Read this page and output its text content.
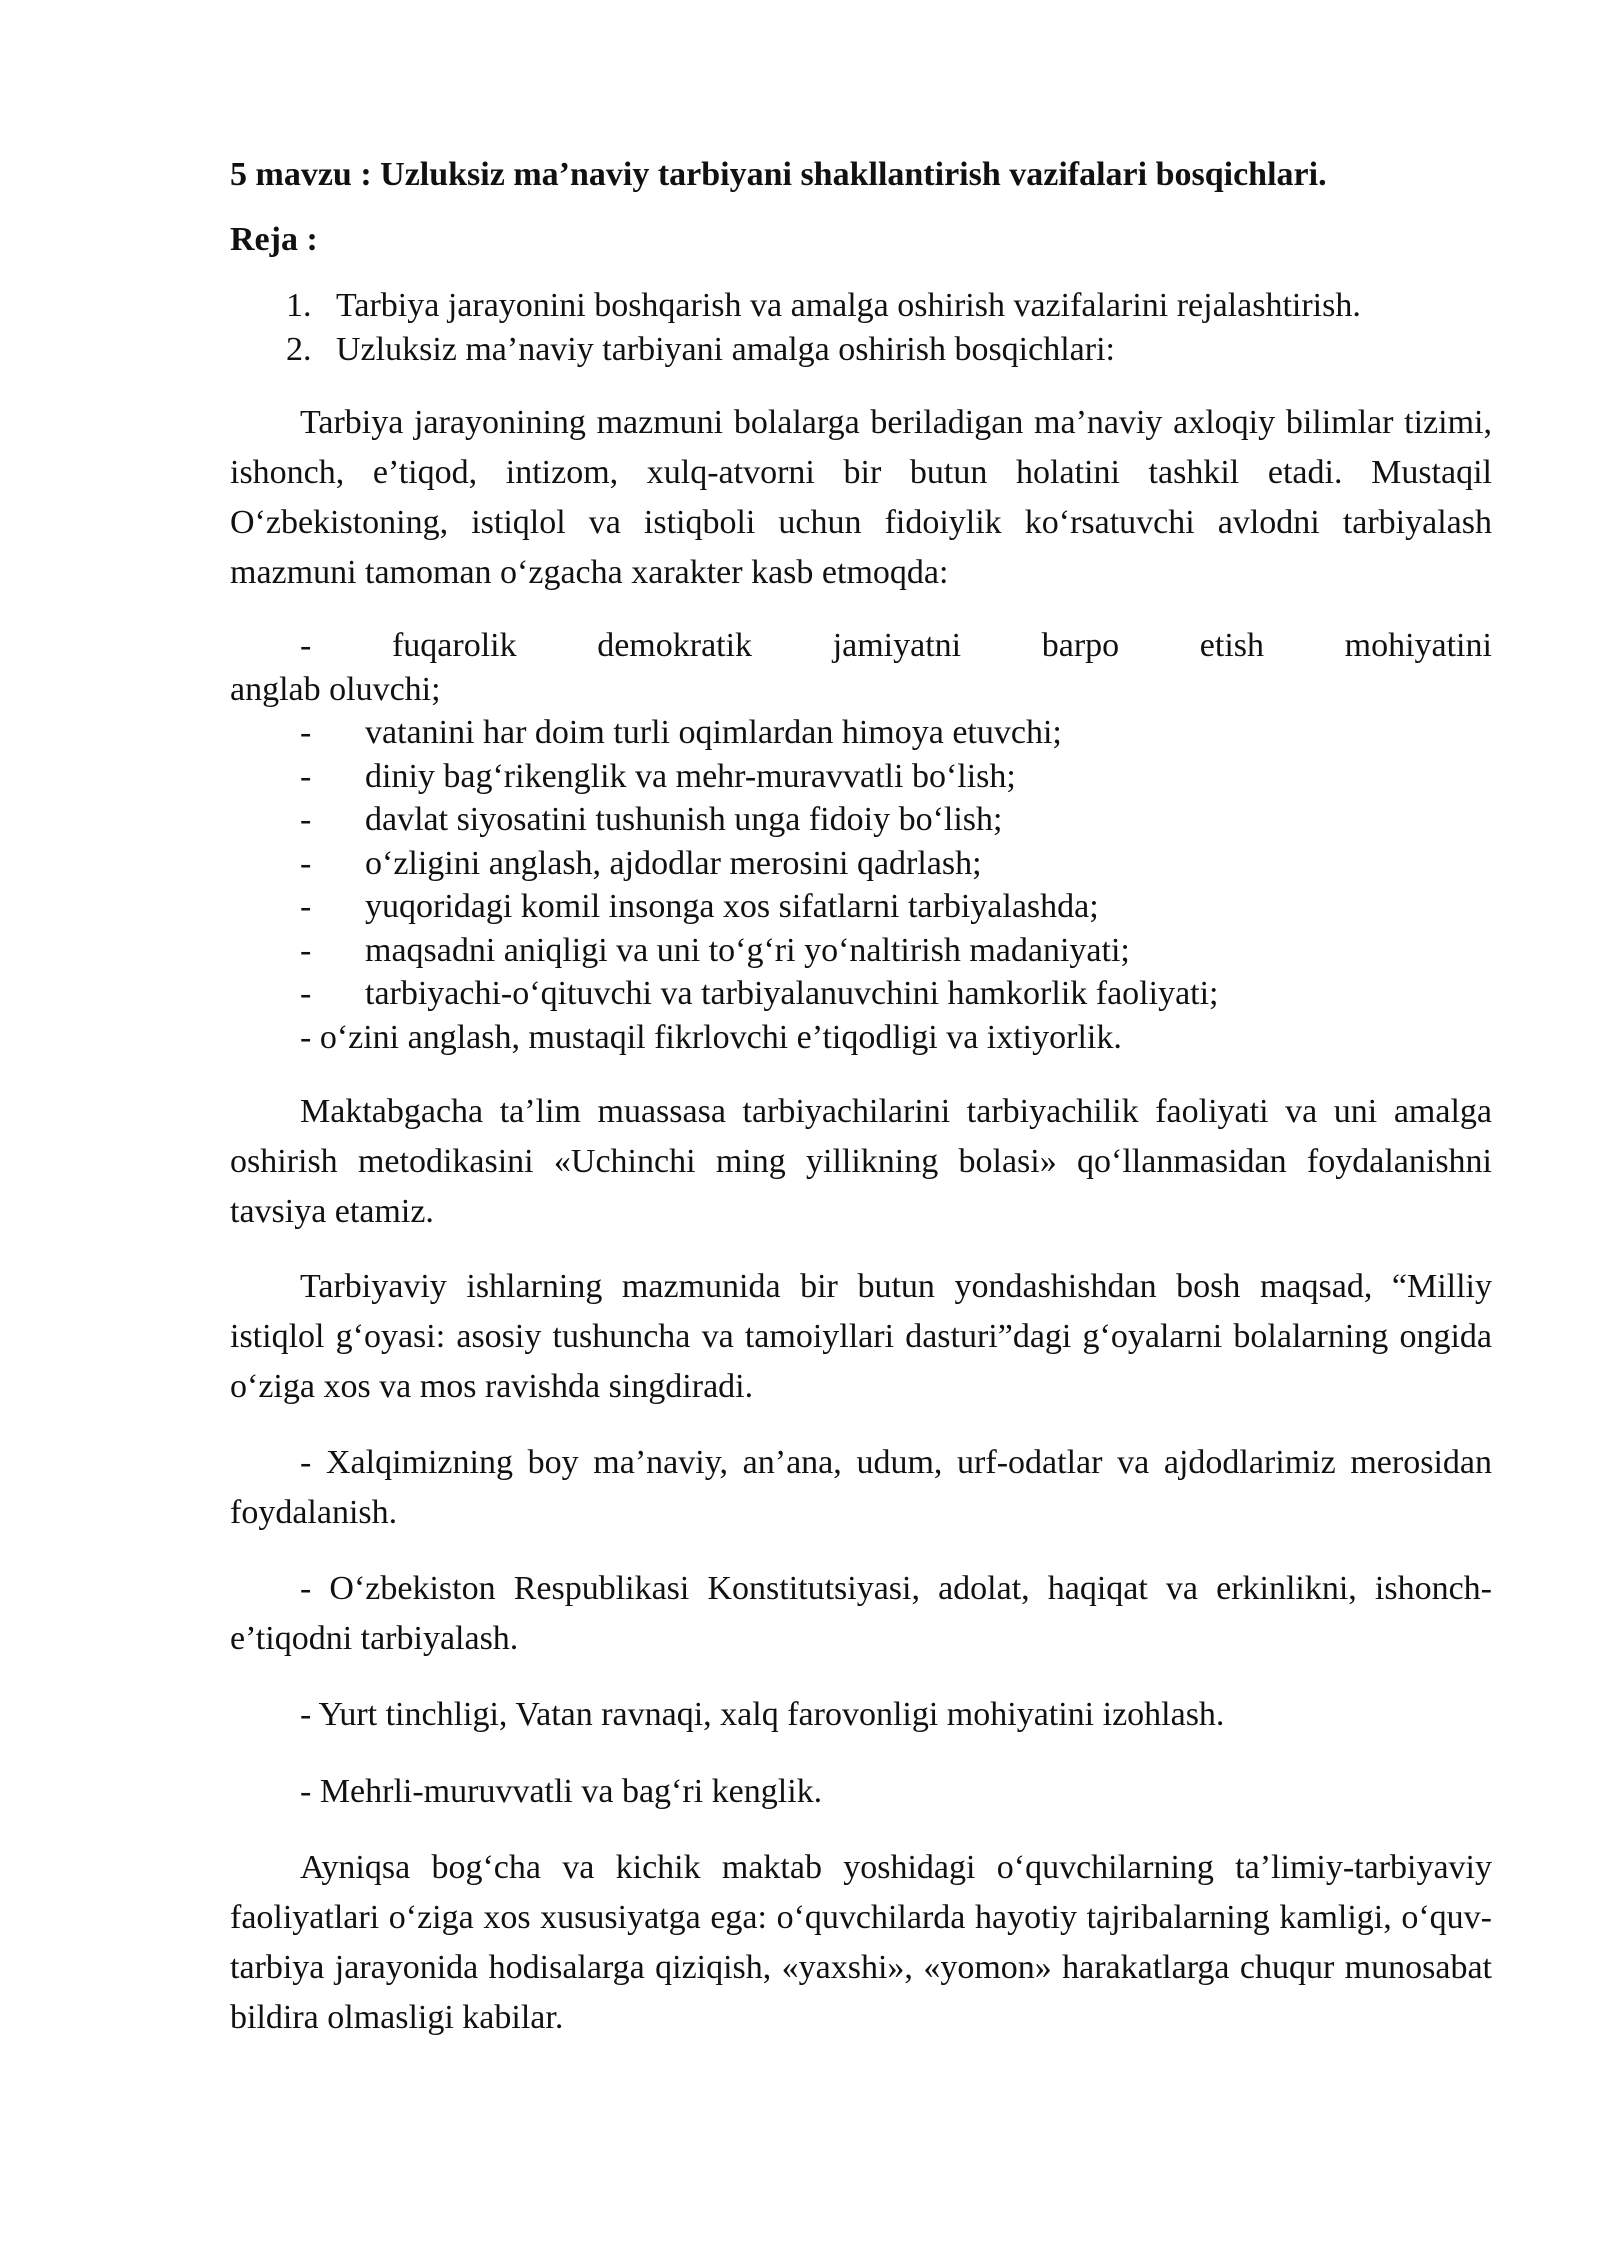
5 mavzu : Uzluksiz ma’naviy tarbiyani shakllantirish vazifalari bosqichlari.
Reja :
1. Tarbiya jarayonini boshqarish va amalga oshirish vazifalarini rejalashtirish.
2. Uzluksiz ma’naviy tarbiyani amalga oshirish bosqichlari:

Tarbiya jarayonining mazmuni bolalarga beriladigan ma’naviy axloqiy bilimlar tizimi, ishonch, e’tiqod, intizom, xulq-atvorni bir butun holatini tashkil etadi. Mustaqil O‘zbekistoning, istiqlol va istiqboli uchun fidoiylik ko‘rsatuvchi avlodni tarbiyalash mazmuni tamoman o‘zgacha xarakter kasb etmoqda:

- fuqarolik demokratik jamiyatni barpo etish mohiyatini
anglab oluvchi;
- vatanini har doim turli oqimlardan himoya etuvchi;
- diniy bag‘rikenglik va mehr-muravvatli bo‘lish;
- davlat siyosatini tushunish unga fidoiy bo‘lish;
- o‘zligini anglash, ajdodlar merosini qadrlash;
- yuqoridagi komil insonga xos sifatlarni tarbiyalashda;
- maqsadni aniqligi va uni to‘g‘ri yo‘naltirish madaniyati;
- tarbiyachi-o‘qituvchi va tarbiyalanuvchini hamkorlik faoliyati;
- o‘zini anglash, mustaqil fikrlovchi e’tiqodligi va ixtiyorlik.

Maktabgacha ta’lim muassasa tarbiyachilarini tarbiyachilik faoliyati va uni amalga oshirish metodikasini «Uchinchi ming yillikning bolasi» qo‘llanmasidan foydalanishni tavsiya etamiz.

Tarbiyaviy ishlarning mazmunida bir butun yondashishdan bosh maqsad, “Milliy istiqlol g‘oyasi: asosiy tushuncha va tamoiyllari dasturi”dagi g‘oyalarni bolalarning ongida o‘ziga xos va mos ravishda singdiradi.

- Xalqimizning boy ma’naviy, an’ana, udum, urf-odatlar va ajdodlarimiz merosidan foydalanish.

- O‘zbekiston Respublikasi Konstitutsiyasi, adolat, haqiqat va erkinlikni, ishonch-e’tiqodni tarbiyalash.

- Yurt tinchligi, Vatan ravnaqi, xalq farovonligi mohiyatini izohlash.

- Mehrli-muruvvatli va bag‘ri kenglik.

Ayniqsa bog‘cha va kichik maktab yoshidagi o‘quvchilarning ta’limiy-tarbiyaviy faoliyatlari o‘ziga xos xususiyatga ega: o‘quvchilarda hayotiy tajribalarning kamligi, o‘quv-tarbiya jarayonida hodisalarga qiziqish, «yaxshi», «yomon» harakatlarga chuqur munosabat bildira olmasligi kabilar.
